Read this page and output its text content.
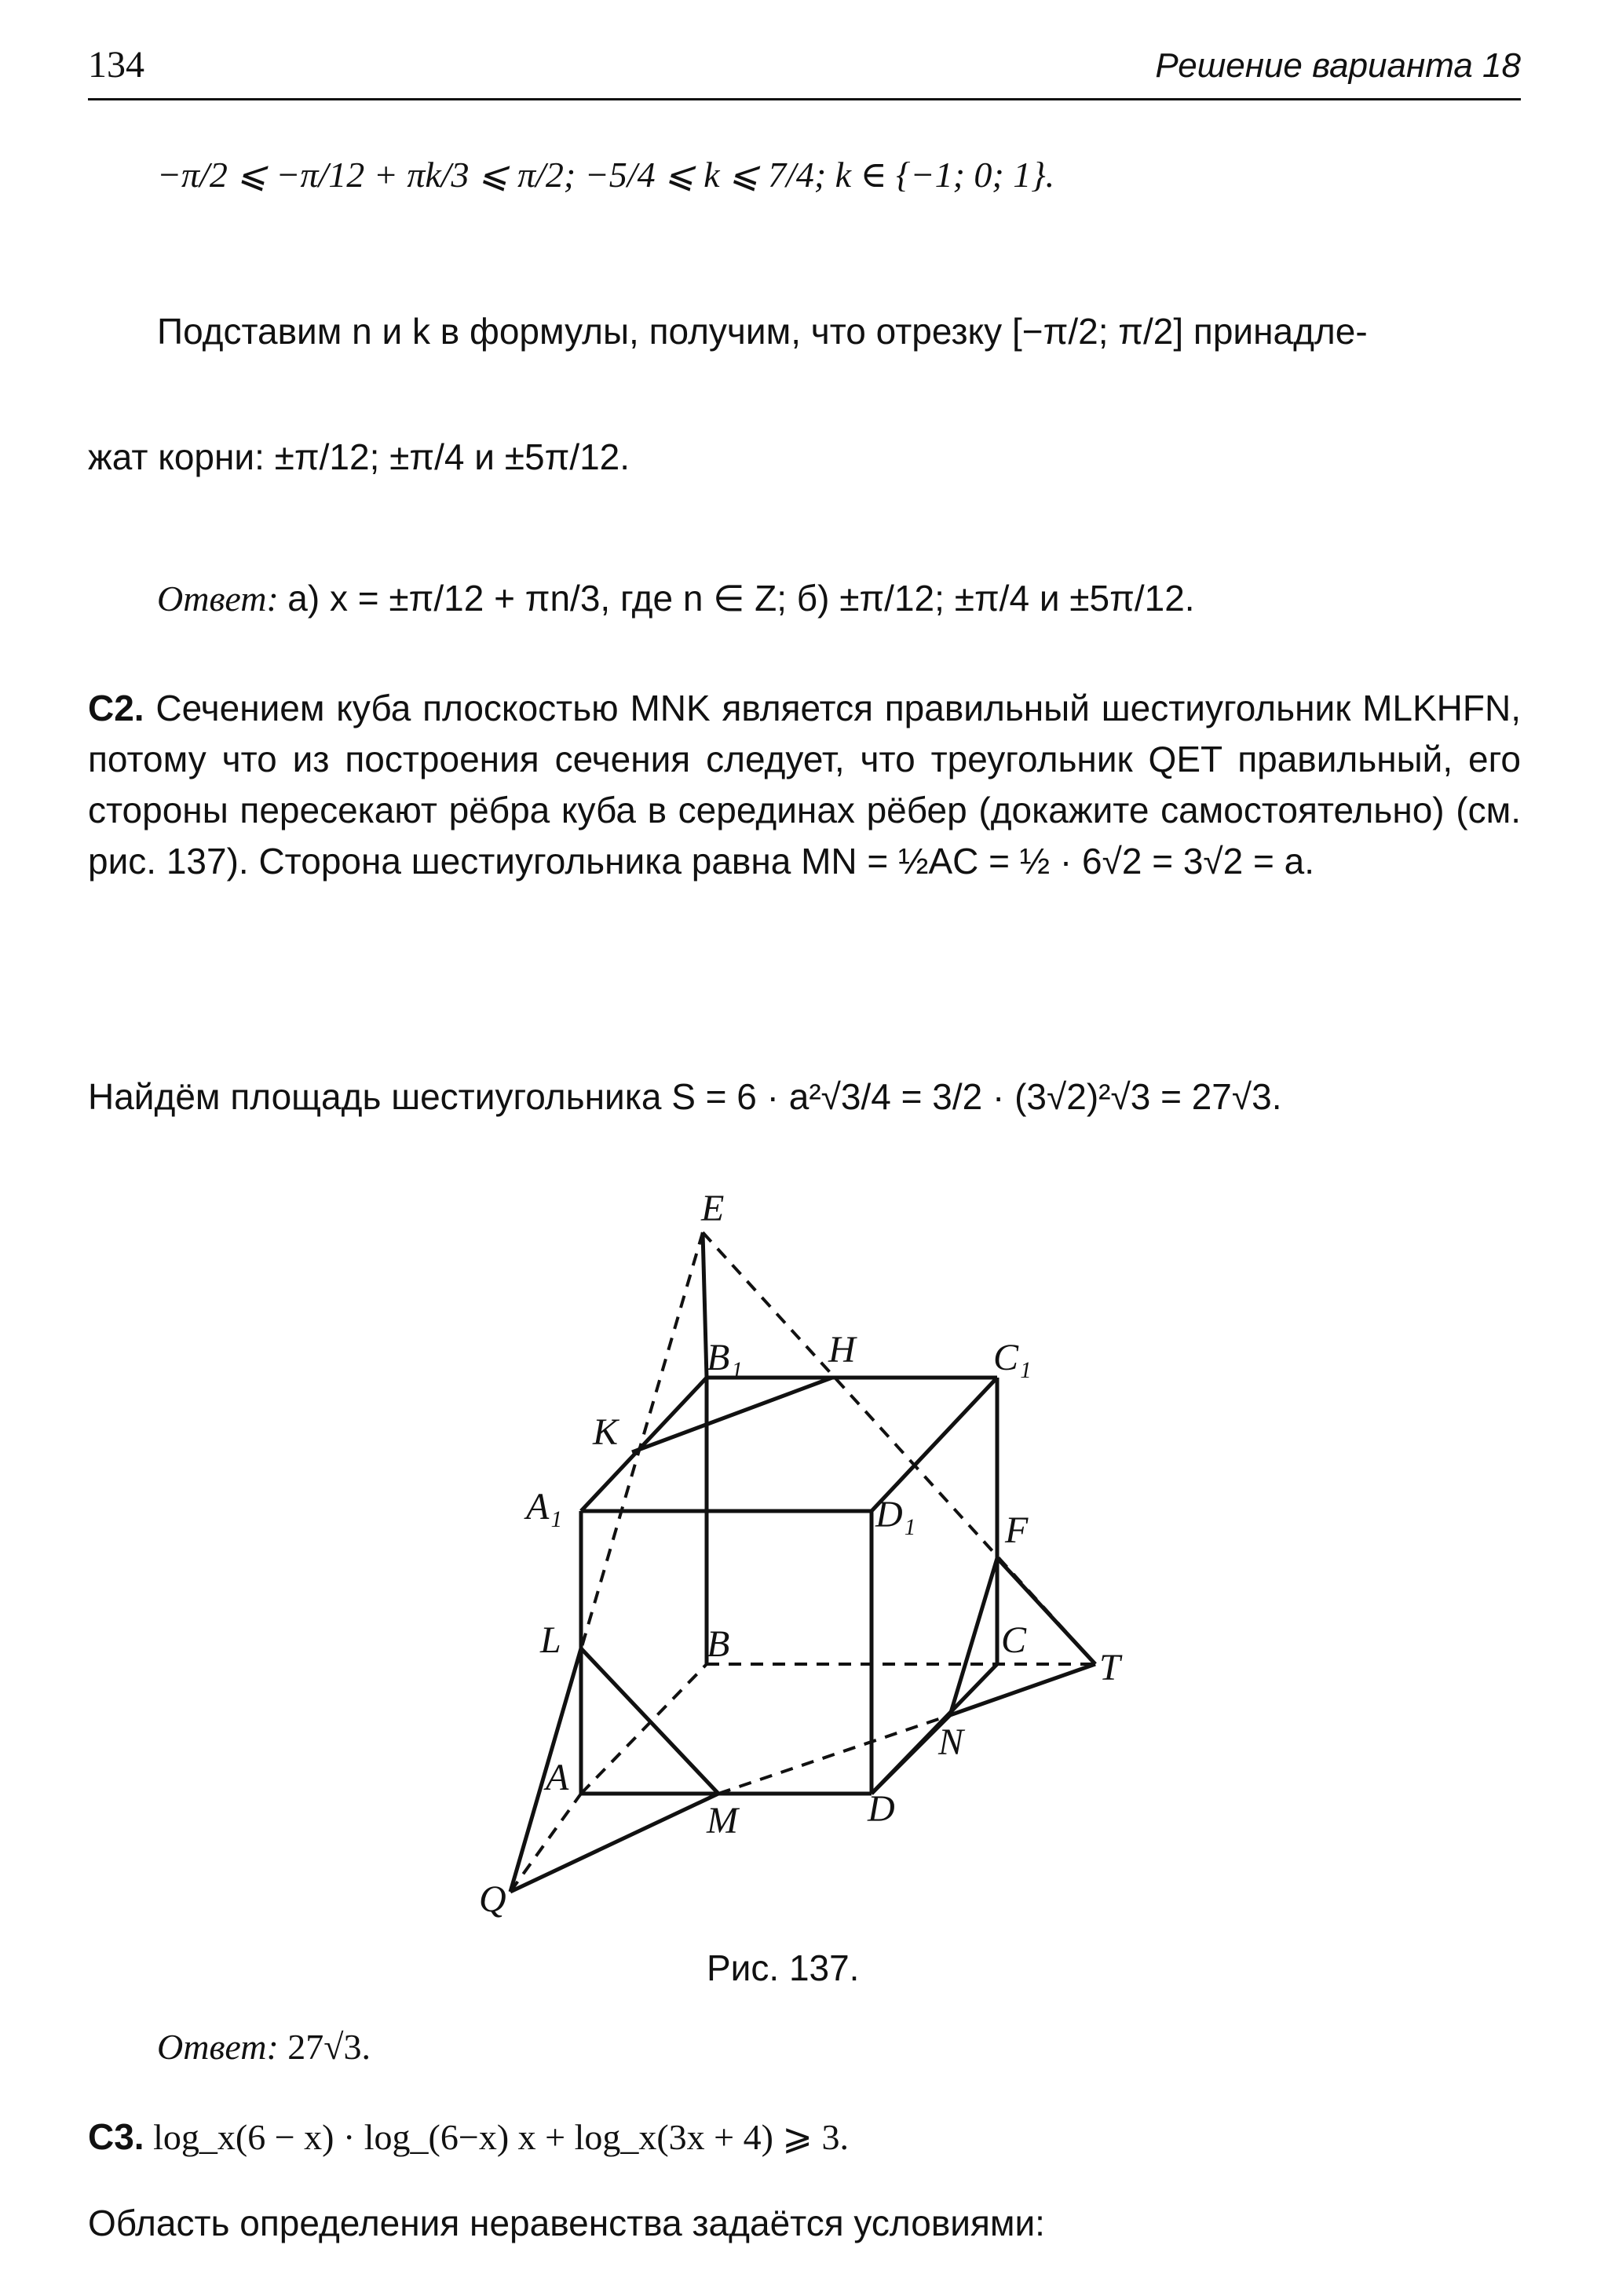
134	Решение варианта 18
−π/2 ⩽ −π/12 + πk/3 ⩽ π/2; −5/4 ⩽ k ⩽ 7/4; k ∈ {−1; 0; 1}.
Подставим n и k в формулы, получим, что отрезку [−π/2; π/2] принадле-
жат корни: ±π/12; ±π/4 и ±5π/12.
Ответ: а) x = ±π/12 + πn/3, где n ∈ Z; б) ±π/12; ±π/4 и ±5π/12.
С2. Сечением куба плоскостью MNK является правильный шестиугольник MLKHFN, потому что из построения сечения следует, что треугольник QET правильный, его стороны пересекают рёбра куба в серединах рёбер (докажите самостоятельно) (см. рис. 137). Сторона шестиугольника равна MN = ½AC = ½ · 6√2 = 3√2 = a.
Найдём площадь шестиугольника S = 6 · a²√3/4 = 3/2 · (3√2)²√3 = 27√3.
E
B₁ H	C₁
K
A₁	D₁ F
L	B	C
T
A
N
M	D
Q
Рис. 137.
Ответ: 27√3.
С3. log_x(6 − x) · log_(6−x) x + log_x(3x + 4) ⩾ 3.
Область определения неравенства задаётся условиями:
